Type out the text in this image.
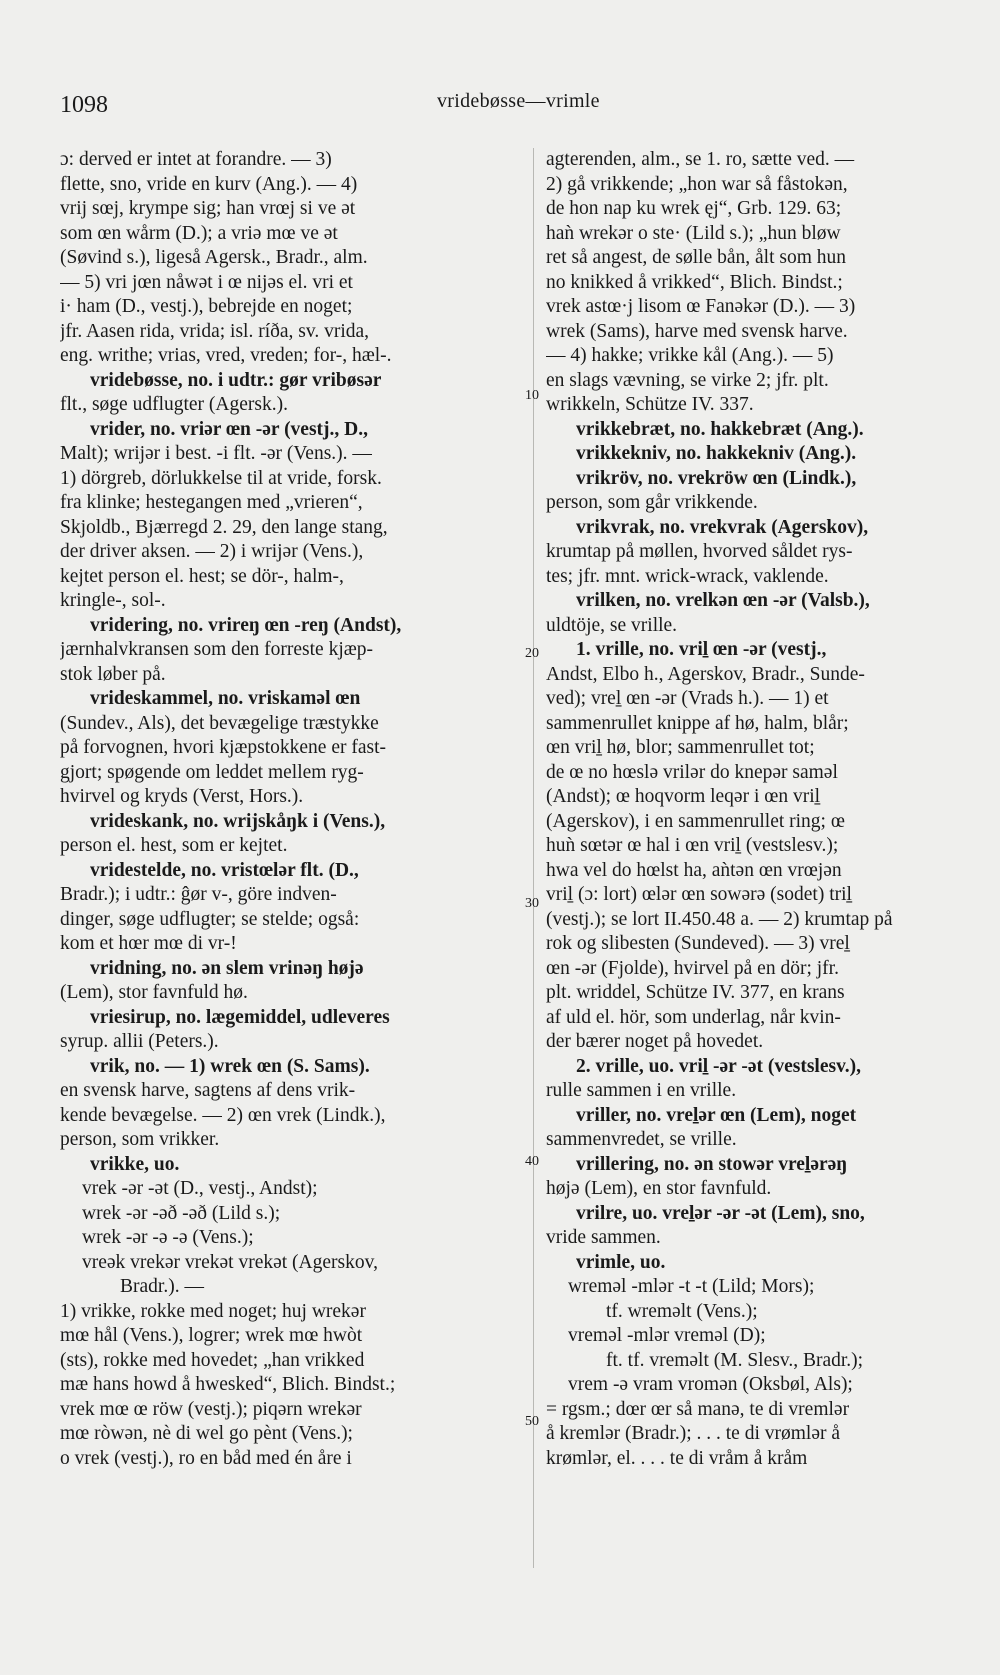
1098	vridebøsse—vrimle
ɔ: derved er intet at forandre. — 3)
flette, sno, vride en kurv (Ang.). — 4)
vrij sœj, krympe sig; han vrœj si ve ət
som œn wårm (D.); a vriə mœ ve ət
(Søvind s.), ligeså Agersk., Bradr., alm.
— 5) vri jœn nåwət i œ nijəs el. vri et
i· ham (D., vestj.), bebrejde en noget;
jfr. Aasen rida, vrida; isl. ríða, sv. vrida,
eng. writhe; vrias, vred, vreden; for-, hæl-.
vridebøsse, no. i udtr.: gør vribøsər
flt., søge udflugter (Agersk.).
vrider, no. vriər œn -ər (vestj., D.,
Malt); wrijər i best. -i flt. -ər (Vens.). —
1) dörgreb, dörlukkelse til at vride, forsk.
fra klinke; hestegangen med „vrieren“,
Skjoldb., Bjærregd 2. 29, den lange stang,
der driver aksen. — 2) i wrijər (Vens.),
kejtet person el. hest; se dör-, halm-,
kringle-, sol-.
vridering, no. vrireŋ œn -reŋ (Andst),
jærnhalvkransen som den forreste kjæp-
stok løber på.
vrideskammel, no. vriskaməl œn
(Sundev., Als), det bevægelige træstykke
på forvognen, hvori kjæpstokkene er fast-
gjort; spøgende om leddet mellem ryg-
hvirvel og kryds (Verst, Hors.).
vrideskank, no. wrijskåŋk i (Vens.),
person el. hest, som er kejtet.
vridestelde, no. vristœlər flt. (D.,
Bradr.); i udtr.: ĝør v-, göre indven-
dinger, søge udflugter; se stelde; også:
kom et hœr mœ di vr-!
vridning, no. ən slem vrinəŋ højə
(Lem), stor favnfuld hø.
vriesirup, no. lægemiddel, udleveres
syrup. allii (Peters.).
vrik, no. — 1) wrek œn (S. Sams).
en svensk harve, sagtens af dens vrik-
kende bevægelse. — 2) œn vrek (Lindk.),
person, som vrikker.
vrikke, uo.
vrek -ər -ət (D., vestj., Andst);
wrek -ər -əð -əð (Lild s.);
wrek -ər -ə -ə (Vens.);
vreək vrekər vrekət vrekət (Agerskov,
Bradr.). —
1) vrikke, rokke med noget; huj wrekər
mœ hål (Vens.), logrer; wrek mœ hwòt
(sts), rokke med hovedet; „han vrikked
mæ hans howd å hwesked“, Blich. Bindst.;
vrek mœ œ röw (vestj.); piqərn wrekər
mœ ròwən, nè di wel go pènt (Vens.);
o vrek (vestj.), ro en båd med én åre i
agterenden, alm., se 1. ro, sætte ved. —
2) gå vrikkende; „hon war så fåstokən,
de hon nap ku wrek ęj“, Grb. 129. 63;
haǹ wrekər o ste· (Lild s.); „hun bløw
ret så angest, de sølle bån, ålt som hun
no knikked å vrikked“, Blich. Bindst.;
vrek astœ·j lisom œ Fanəkər (D.). — 3)
wrek (Sams), harve med svensk harve.
— 4) hakke; vrikke kål (Ang.). — 5)
en slags vævning, se virke 2; jfr. plt.
wrikkeln, Schütze IV. 337.
vrikkebræt, no. hakkebræt (Ang.).
vrikkekniv, no. hakkekniv (Ang.).
vrikröv, no. vrekröw œn (Lindk.),
person, som går vrikkende.
vrikvrak, no. vrekvrak (Agerskov),
krumtap på møllen, hvorved såldet rys-
tes; jfr. mnt. wrick-wrack, vaklende.
vrilken, no. vrelkən œn -ər (Valsb.),
uldtöje, se vrille.
1. vrille, no. vriḻ œn -ər (vestj.,
Andst, Elbo h., Agerskov, Bradr., Sunde-
ved); vreḻ œn -ər (Vrads h.). — 1) et
sammenrullet knippe af hø, halm, blår;
œn vriḻ hø, blor; sammenrullet tot;
de œ no hœslə vrilər do knepər saməl
(Andst); œ hoqvorm leqər i œn vriḻ
(Agerskov), i en sammenrullet ring; œ
huǹ sœtər œ hal i œn vriḻ (vestslesv.);
hwa vel do hœlst ha, aǹtən œn vrœjən
vriḻ (ɔ: lort) œlər œn sowərə (sodet) triḻ
(vestj.); se lort II.450.48 a. — 2) krumtap på
rok og slibesten (Sundeved). — 3) vreḻ
œn -ər (Fjolde), hvirvel på en dör; jfr.
plt. wriddel, Schütze IV. 377, en krans
af uld el. hör, som underlag, når kvin-
der bærer noget på hovedet.
2. vrille, uo. vriḻ -ər -ət (vestslesv.),
rulle sammen i en vrille.
vriller, no. vreḻər œn (Lem), noget
sammenvredet, se vrille.
vrillering, no. ən stowər vreḻərəŋ
højə (Lem), en stor favnfuld.
vrilre, uo. vreḻər -ər -ət (Lem), sno,
vride sammen.
vrimle, uo.
wreməl -mlər -t -t (Lild; Mors);
tf. wreməlt (Vens.);
vreməl -mlər vreməl (D);
ft. tf. vreməlt (M. Slesv., Bradr.);
vrem -ə vram vromən (Oksbøl, Als);
= rgsm.; dœr œr så manə, te di vremlər
å kremlər (Bradr.); . . . te di vrømlər å
krømlər, el. . . . te di vråm å kråm
10
20
30
40
50
